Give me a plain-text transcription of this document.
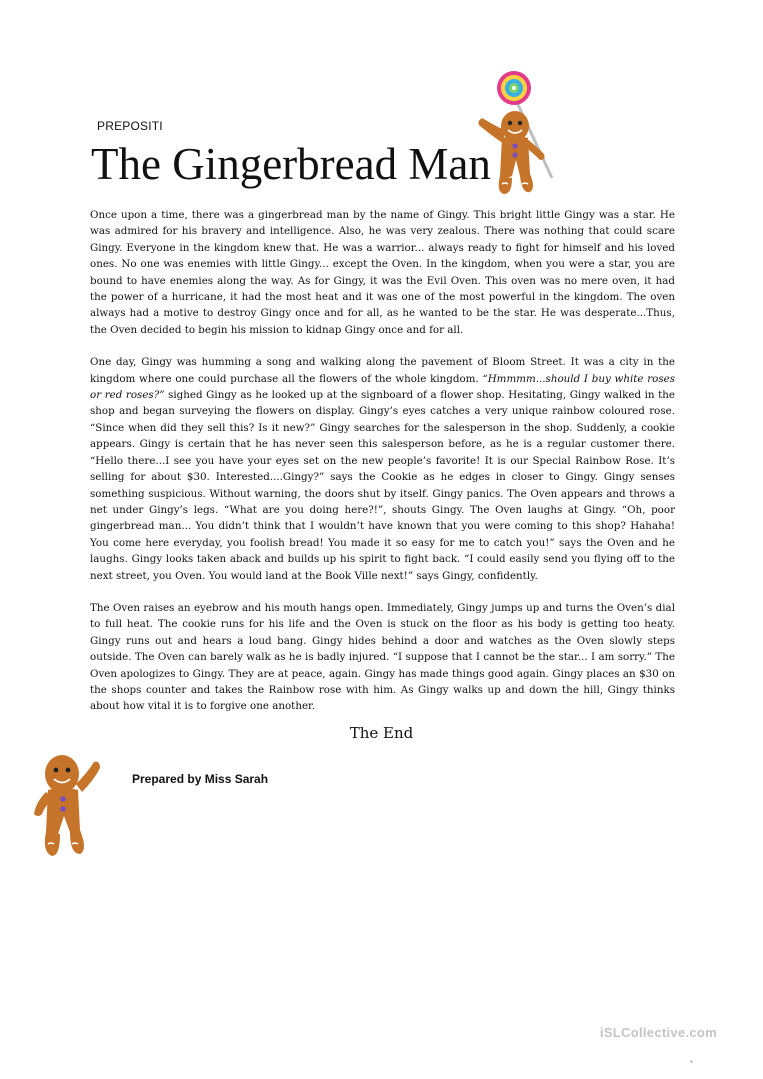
PREPOSITI
The Gingerbread Man

Once upon a time, there was a gingerbread man by the name of Gingy. This bright little Gingy was a star. He was admired for his bravery and intelligence. Also, he was very zealous. There was nothing that could scare Gingy. Everyone in the kingdom knew that. He was a warrior... always ready to fight for himself and his loved ones. No one was enemies with little Gingy... except the Oven. In the kingdom, when you were a star, you are bound to have enemies along the way. As for Gingy, it was the Evil Oven. This oven was no mere oven, it had the power of a hurricane, it had the most heat and it was one of the most powerful in the kingdom. The oven always had a motive to destroy Gingy once and for all, as he wanted to be the star. He was desperate...Thus, the Oven decided to begin his mission to kidnap Gingy once and for all.

One day, Gingy was humming a song and walking along the pavement of Bloom Street. It was a city in the kingdom where one could purchase all the flowers of the whole kingdom. “Hmmmm...should I buy white roses or red roses?” sighed Gingy as he looked up at the signboard of a flower shop. Hesitating, Gingy walked in the shop and began surveying the flowers on display. Gingy’s eyes catches a very unique rainbow coloured rose. “Since when did they sell this? Is it new?” Gingy searches for the salesperson in the shop. Suddenly, a cookie appears. Gingy is certain that he has never seen this salesperson before, as he is a regular customer there. “Hello there...I see you have your eyes set on the new people’s favorite! It is our Special Rainbow Rose. It’s selling for about $30. Interested....Gingy?” says the Cookie as he edges in closer to Gingy. Gingy senses something suspicious. Without warning, the doors shut by itself. Gingy panics. The Oven appears and throws a net under Gingy’s legs. “What are you doing here?!”, shouts Gingy. The Oven laughs at Gingy. “Oh, poor gingerbread man... You didn’t think that I wouldn’t have known that you were coming to this shop? Hahaha! You come here everyday, you foolish bread! You made it so easy for me to catch you!” says the Oven and he laughs. Gingy looks taken aback and builds up his spirit to fight back. “I could easily send you flying off to the next street, you Oven. You would land at the Book Ville next!” says Gingy, confidently.

The Oven raises an eyebrow and his mouth hangs open. Immediately, Gingy jumps up and turns the Oven’s dial to full heat. The cookie runs for his life and the Oven is stuck on the floor as his body is getting too heaty. Gingy runs out and hears a loud bang. Gingy hides behind a door and watches as the Oven slowly steps outside. The Oven can barely walk as he is badly injured. “I suppose that I cannot be the star... I am sorry.” The Oven apologizes to Gingy. They are at peace, again. Gingy has made things good again. Gingy places an $30 on the shops counter and takes the Rainbow rose with him. As Gingy walks up and down the hill, Gingy thinks about how vital it is to forgive one another.

The End
Prepared by Miss Sarah
iSLCollective.com
